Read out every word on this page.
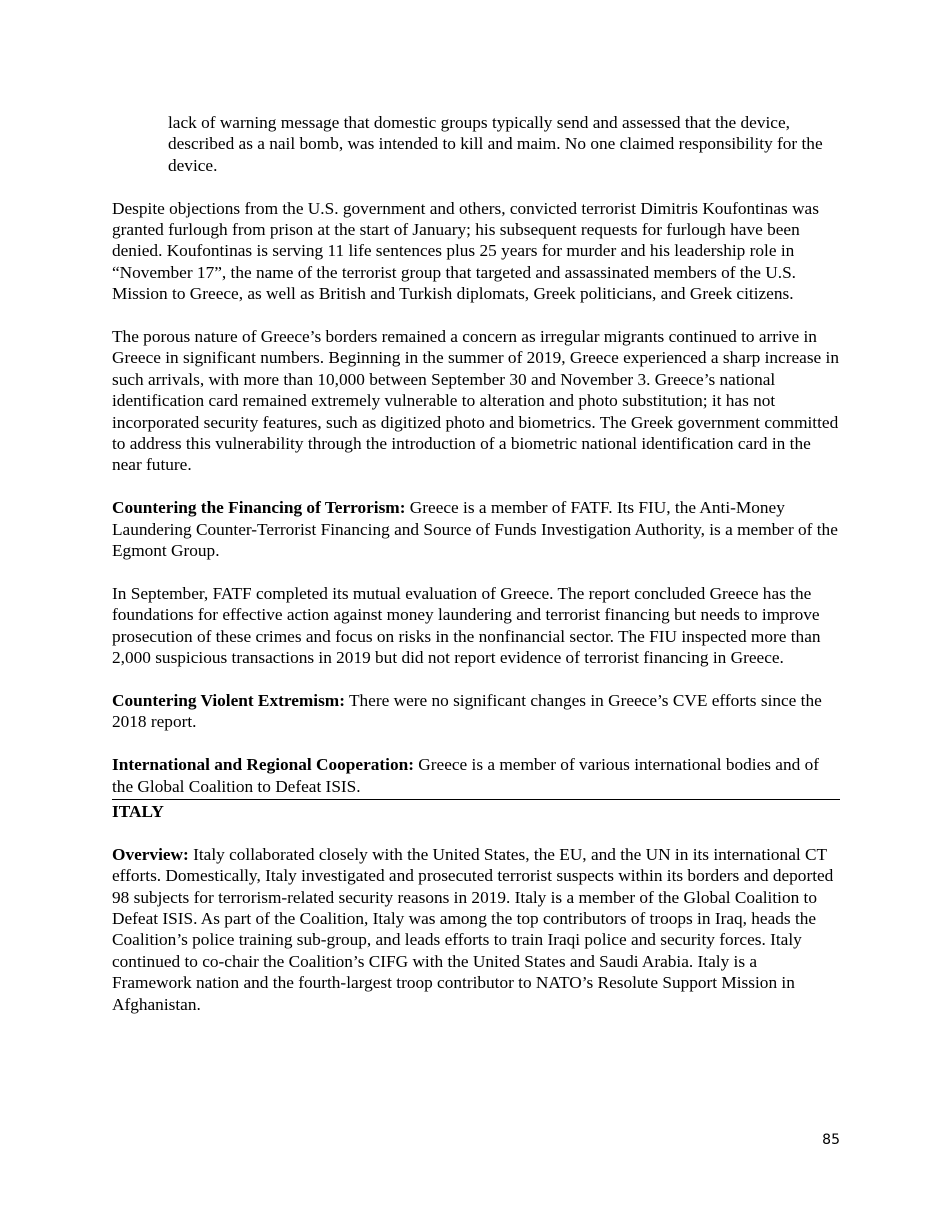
lack of warning message that domestic groups typically send and assessed that the device, described as a nail bomb, was intended to kill and maim. No one claimed responsibility for the device.

Despite objections from the U.S. government and others, convicted terrorist Dimitris Koufontinas was granted furlough from prison at the start of January; his subsequent requests for furlough have been denied. Koufontinas is serving 11 life sentences plus 25 years for murder and his leadership role in “November 17”, the name of the terrorist group that targeted and assassinated members of the U.S. Mission to Greece, as well as British and Turkish diplomats, Greek politicians, and Greek citizens.

The porous nature of Greece’s borders remained a concern as irregular migrants continued to arrive in Greece in significant numbers. Beginning in the summer of 2019, Greece experienced a sharp increase in such arrivals, with more than 10,000 between September 30 and November 3. Greece’s national identification card remained extremely vulnerable to alteration and photo substitution; it has not incorporated security features, such as digitized photo and biometrics. The Greek government committed to address this vulnerability through the introduction of a biometric national identification card in the near future.

Countering the Financing of Terrorism: Greece is a member of FATF. Its FIU, the Anti-Money Laundering Counter-Terrorist Financing and Source of Funds Investigation Authority, is a member of the Egmont Group.

In September, FATF completed its mutual evaluation of Greece. The report concluded Greece has the foundations for effective action against money laundering and terrorist financing but needs to improve prosecution of these crimes and focus on risks in the nonfinancial sector. The FIU inspected more than 2,000 suspicious transactions in 2019 but did not report evidence of terrorist financing in Greece.

Countering Violent Extremism: There were no significant changes in Greece’s CVE efforts since the 2018 report.

International and Regional Cooperation: Greece is a member of various international bodies and of the Global Coalition to Defeat ISIS.

ITALY

Overview: Italy collaborated closely with the United States, the EU, and the UN in its international CT efforts. Domestically, Italy investigated and prosecuted terrorist suspects within its borders and deported 98 subjects for terrorism-related security reasons in 2019. Italy is a member of the Global Coalition to Defeat ISIS. As part of the Coalition, Italy was among the top contributors of troops in Iraq, heads the Coalition’s police training sub-group, and leads efforts to train Iraqi police and security forces. Italy continued to co-chair the Coalition’s CIFG with the United States and Saudi Arabia. Italy is a Framework nation and the fourth-largest troop contributor to NATO’s Resolute Support Mission in Afghanistan.

85
